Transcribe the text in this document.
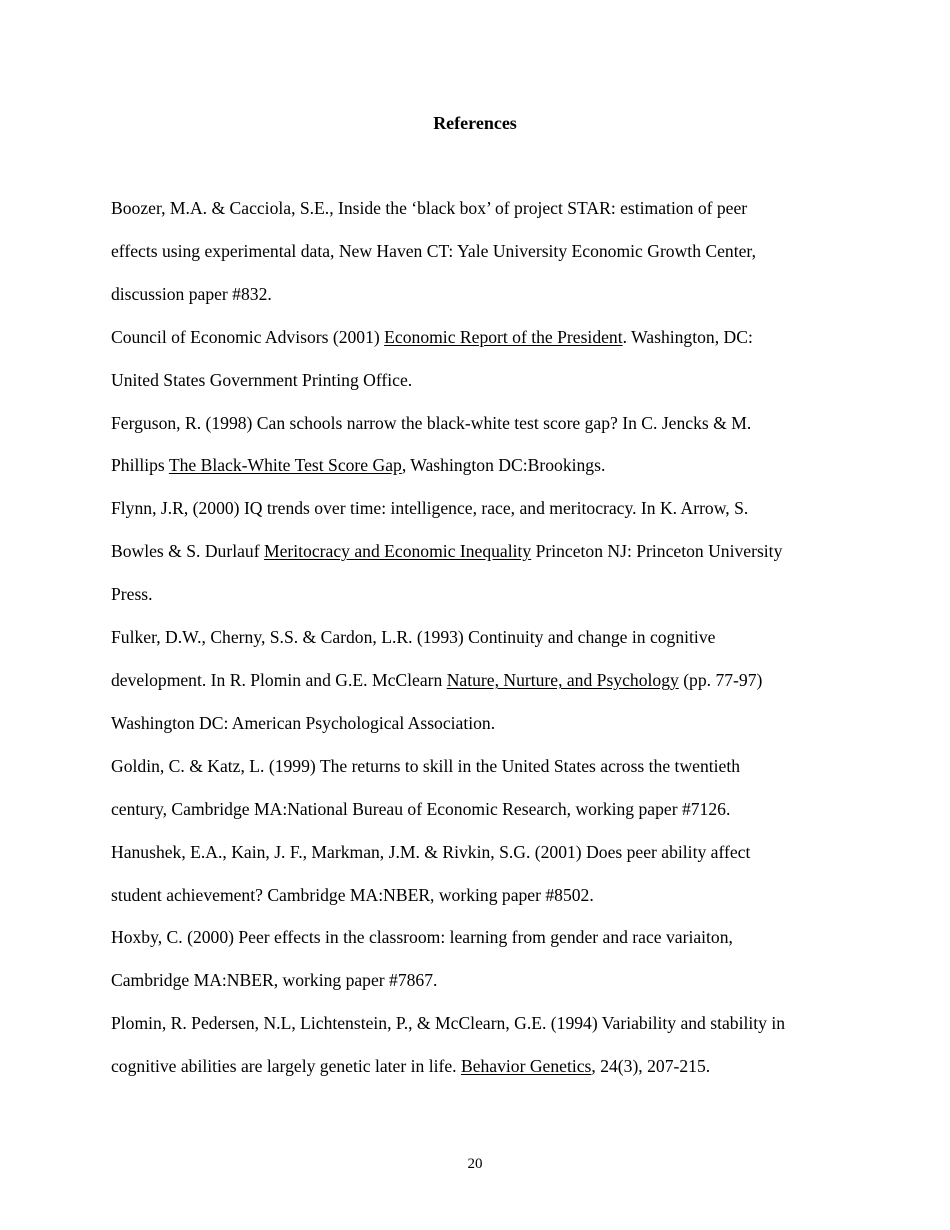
References
Boozer, M.A. & Cacciola, S.E., Inside the ‘black box’ of project STAR: estimation of peer
effects using experimental data, New Haven CT: Yale University Economic Growth Center,
discussion paper #832.
Council of Economic Advisors (2001) Economic Report of the President. Washington, DC:
United States Government Printing Office.
Ferguson, R. (1998) Can schools narrow the black-white test score gap? In C. Jencks & M.
Phillips The Black-White Test Score Gap, Washington DC:Brookings.
Flynn, J.R, (2000) IQ trends over time: intelligence, race, and meritocracy. In K. Arrow, S.
Bowles & S. Durlauf Meritocracy and Economic Inequality Princeton NJ: Princeton University
Press.
Fulker, D.W., Cherny, S.S. & Cardon, L.R. (1993) Continuity and change in cognitive
development. In R. Plomin and G.E. McClearn Nature, Nurture, and Psychology (pp. 77-97)
Washington DC: American Psychological Association.
Goldin, C. & Katz, L. (1999) The returns to skill in the United States across the twentieth
century, Cambridge MA:National Bureau of Economic Research, working paper #7126.
Hanushek, E.A., Kain, J. F., Markman, J.M. & Rivkin, S.G. (2001) Does peer ability affect
student achievement? Cambridge MA:NBER, working paper #8502.
Hoxby, C. (2000) Peer effects in the classroom: learning from gender and race variaiton,
Cambridge MA:NBER, working paper #7867.
Plomin, R. Pedersen, N.L, Lichtenstein, P., & McClearn, G.E. (1994) Variability and stability in
cognitive abilities are largely genetic later in life. Behavior Genetics, 24(3), 207-215.
20
